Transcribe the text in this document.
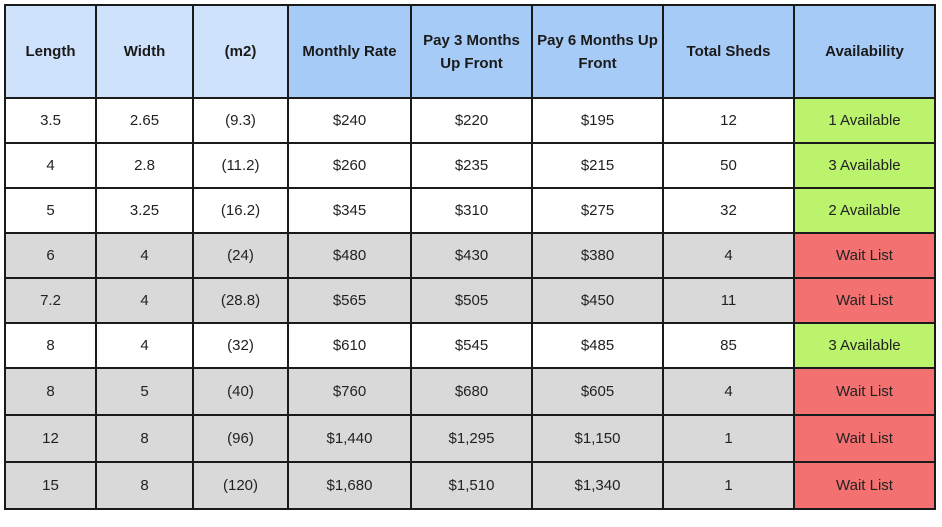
Length	Width	(m2)	Monthly Rate	Pay 3 Months Up Front	Pay 6 Months Up Front	Total Sheds	Availability
3.5	2.65	(9.3)	$240	$220	$195	12	1 Available
4	2.8	(11.2)	$260	$235	$215	50	3 Available
5	3.25	(16.2)	$345	$310	$275	32	2 Available
6	4	(24)	$480	$430	$380	4	Wait List
7.2	4	(28.8)	$565	$505	$450	11	Wait List
8	4	(32)	$610	$545	$485	85	3 Available
8	5	(40)	$760	$680	$605	4	Wait List
12	8	(96)	$1,440	$1,295	$1,150	1	Wait List
15	8	(120)	$1,680	$1,510	$1,340	1	Wait List
